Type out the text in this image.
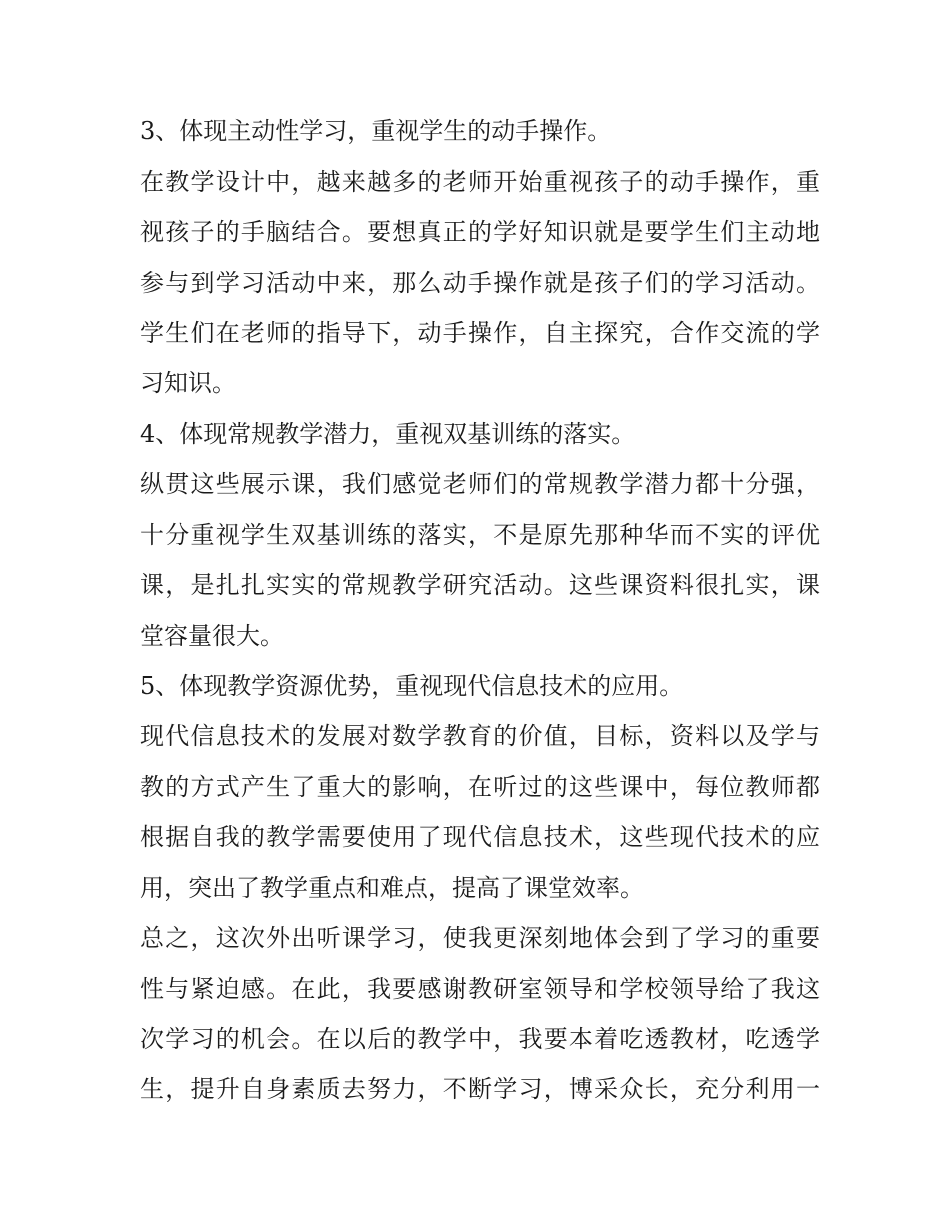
3、体现主动性学习，重视学生的动手操作。
在教学设计中，越来越多的老师开始重视孩子的动手操作，重
视孩子的手脑结合。要想真正的学好知识就是要学生们主动地
参与到学习活动中来，那么动手操作就是孩子们的学习活动。
学生们在老师的指导下，动手操作，自主探究，合作交流的学
习知识。
4、体现常规教学潜力，重视双基训练的落实。
纵贯这些展示课，我们感觉老师们的常规教学潜力都十分强，
十分重视学生双基训练的落实，不是原先那种华而不实的评优
课，是扎扎实实的常规教学研究活动。这些课资料很扎实，课
堂容量很大。
5、体现教学资源优势，重视现代信息技术的应用。
现代信息技术的发展对数学教育的价值，目标，资料以及学与
教的方式产生了重大的影响，在听过的这些课中，每位教师都
根据自我的教学需要使用了现代信息技术，这些现代技术的应
用，突出了教学重点和难点，提高了课堂效率。
总之，这次外出听课学习，使我更深刻地体会到了学习的重要
性与紧迫感。在此，我要感谢教研室领导和学校领导给了我这
次学习的机会。在以后的教学中，我要本着吃透教材，吃透学
生，提升自身素质去努力，不断学习，博采众长，充分利用一
